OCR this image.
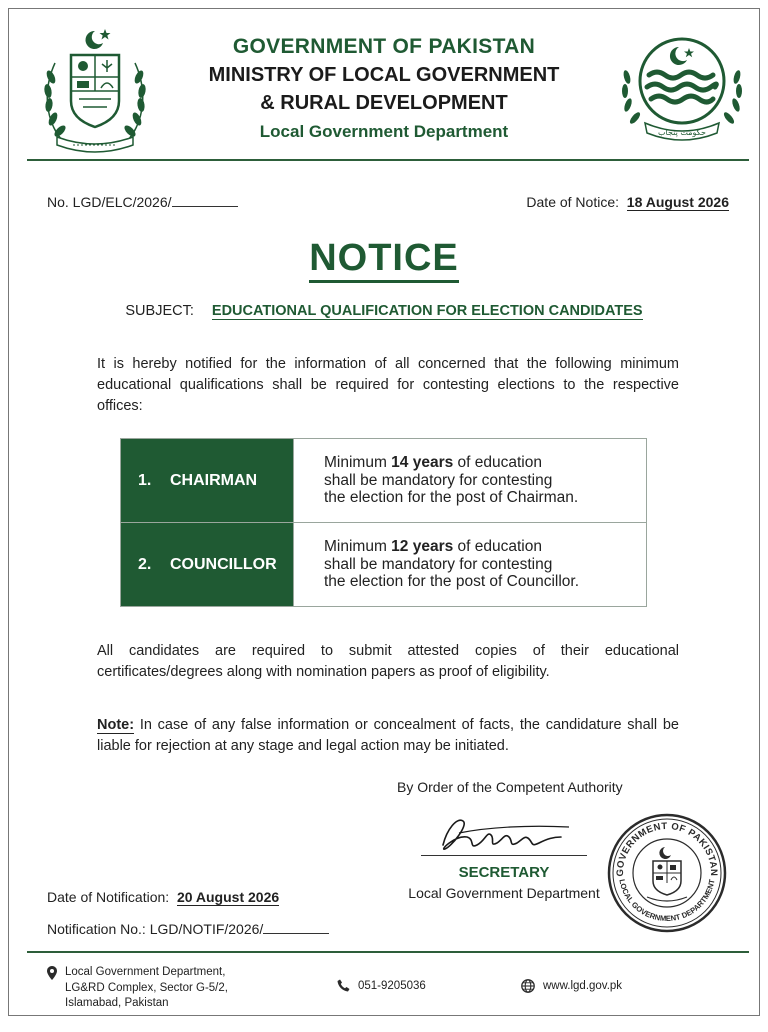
GOVERNMENT OF PAKISTAN
MINISTRY OF LOCAL GOVERNMENT
& RURAL DEVELOPMENT
Local Government Department	حکومت پنجاب
No. LGD/ELC/2026/	Date of Notice: 18 August 2026
NOTICE
SUBJECT: EDUCATIONAL QUALIFICATION FOR ELECTION CANDIDATES
It is hereby notified for the information of all concerned that the following minimum educational qualifications shall be required for contesting elections to the respective offices:
1. CHAIRMAN	Minimum 14 years of education
shall be mandatory for contesting
the election for the post of Chairman.

2. COUNCILLOR	Minimum 12 years of education
shall be mandatory for contesting
the election for the post of Councillor.
All candidates are required to submit attested copies of their educational certificates/degrees along with nomination papers as proof of eligibility.
Note: In case of any false information or concealment of facts, the candidature shall be liable for rejection at any stage and legal action may be initiated.
By Order of the Competent Authority
SECRETARY
Local Government Department
GOVERNMENT OF PAKISTAN
LOCAL GOVERNMENT DEPARTMENT
Date of Notification: 20 August 2026
Notification No.: LGD/NOTIF/2026/
Local Government Department,
LG&RD Complex, Sector G-5/2,
Islamabad, Pakistan
051-9205036	www.lgd.gov.pk
